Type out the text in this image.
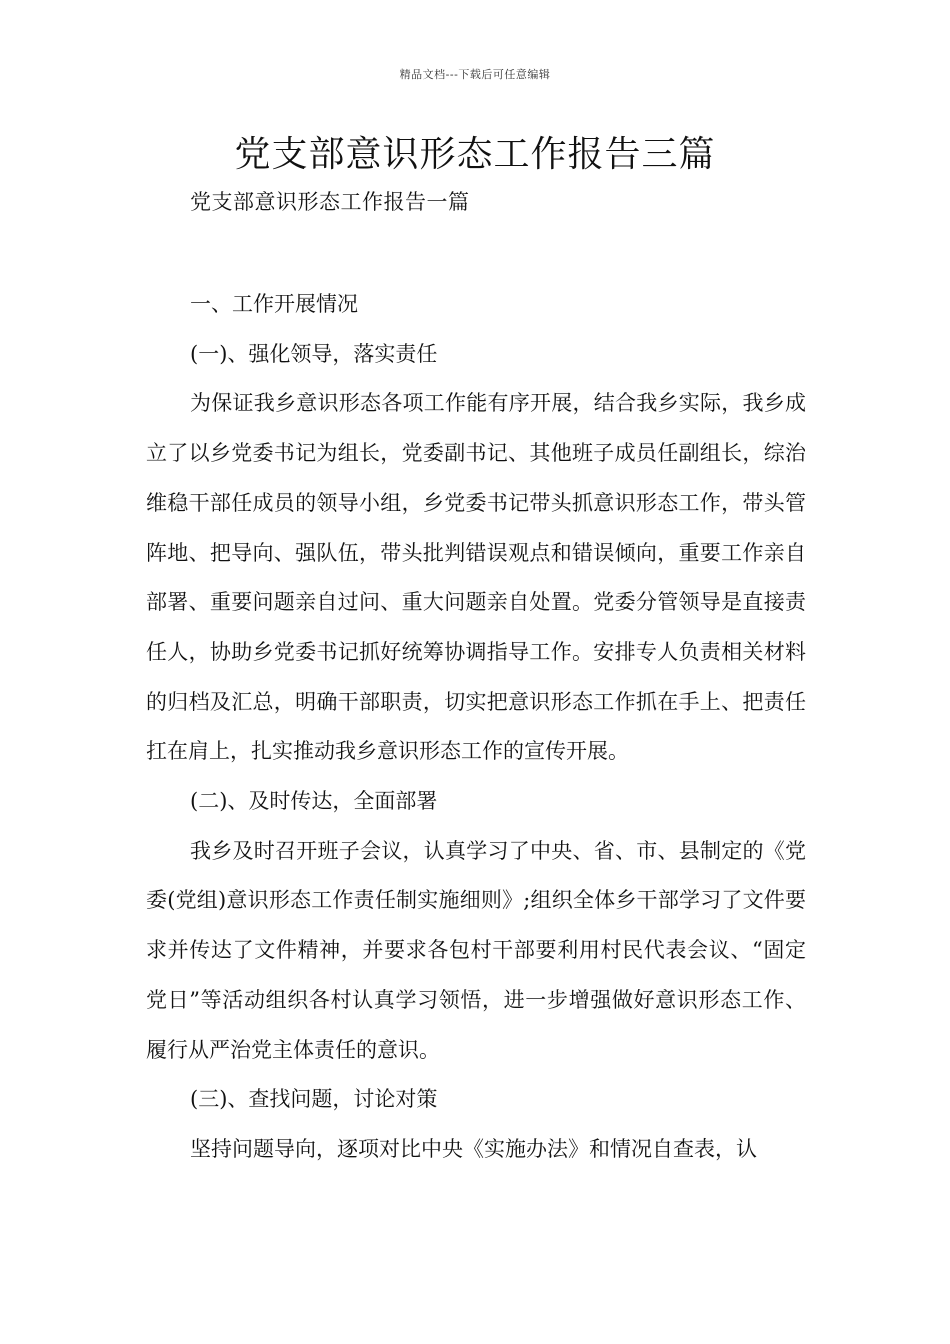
精品文档---下载后可任意编辑
党支部意识形态工作报告三篇
党支部意识形态工作报告一篇

一、工作开展情况

(一)、强化领导，落实责任

为保证我乡意识形态各项工作能有序开展，结合我乡实际，我乡成立了以乡党委书记为组长，党委副书记、其他班子成员任副组长，综治维稳干部任成员的领导小组，乡党委书记带头抓意识形态工作，带头管阵地、把导向、强队伍，带头批判错误观点和错误倾向，重要工作亲自部署、重要问题亲自过问、重大问题亲自处置。党委分管领导是直接责任人，协助乡党委书记抓好统筹协调指导工作。安排专人负责相关材料的归档及汇总，明确干部职责，切实把意识形态工作抓在手上、把责任扛在肩上，扎实推动我乡意识形态工作的宣传开展。

(二)、及时传达，全面部署

我乡及时召开班子会议，认真学习了中央、省、市、县制定的《党委(党组)意识形态工作责任制实施细则》;组织全体乡干部学习了文件要求并传达了文件精神，并要求各包村干部要利用村民代表会议、“固定党日”等活动组织各村认真学习领悟，进一步增强做好意识形态工作、履行从严治党主体责任的意识。

(三)、查找问题，讨论对策

坚持问题导向，逐项对比中央《实施办法》和情况自查表，认
